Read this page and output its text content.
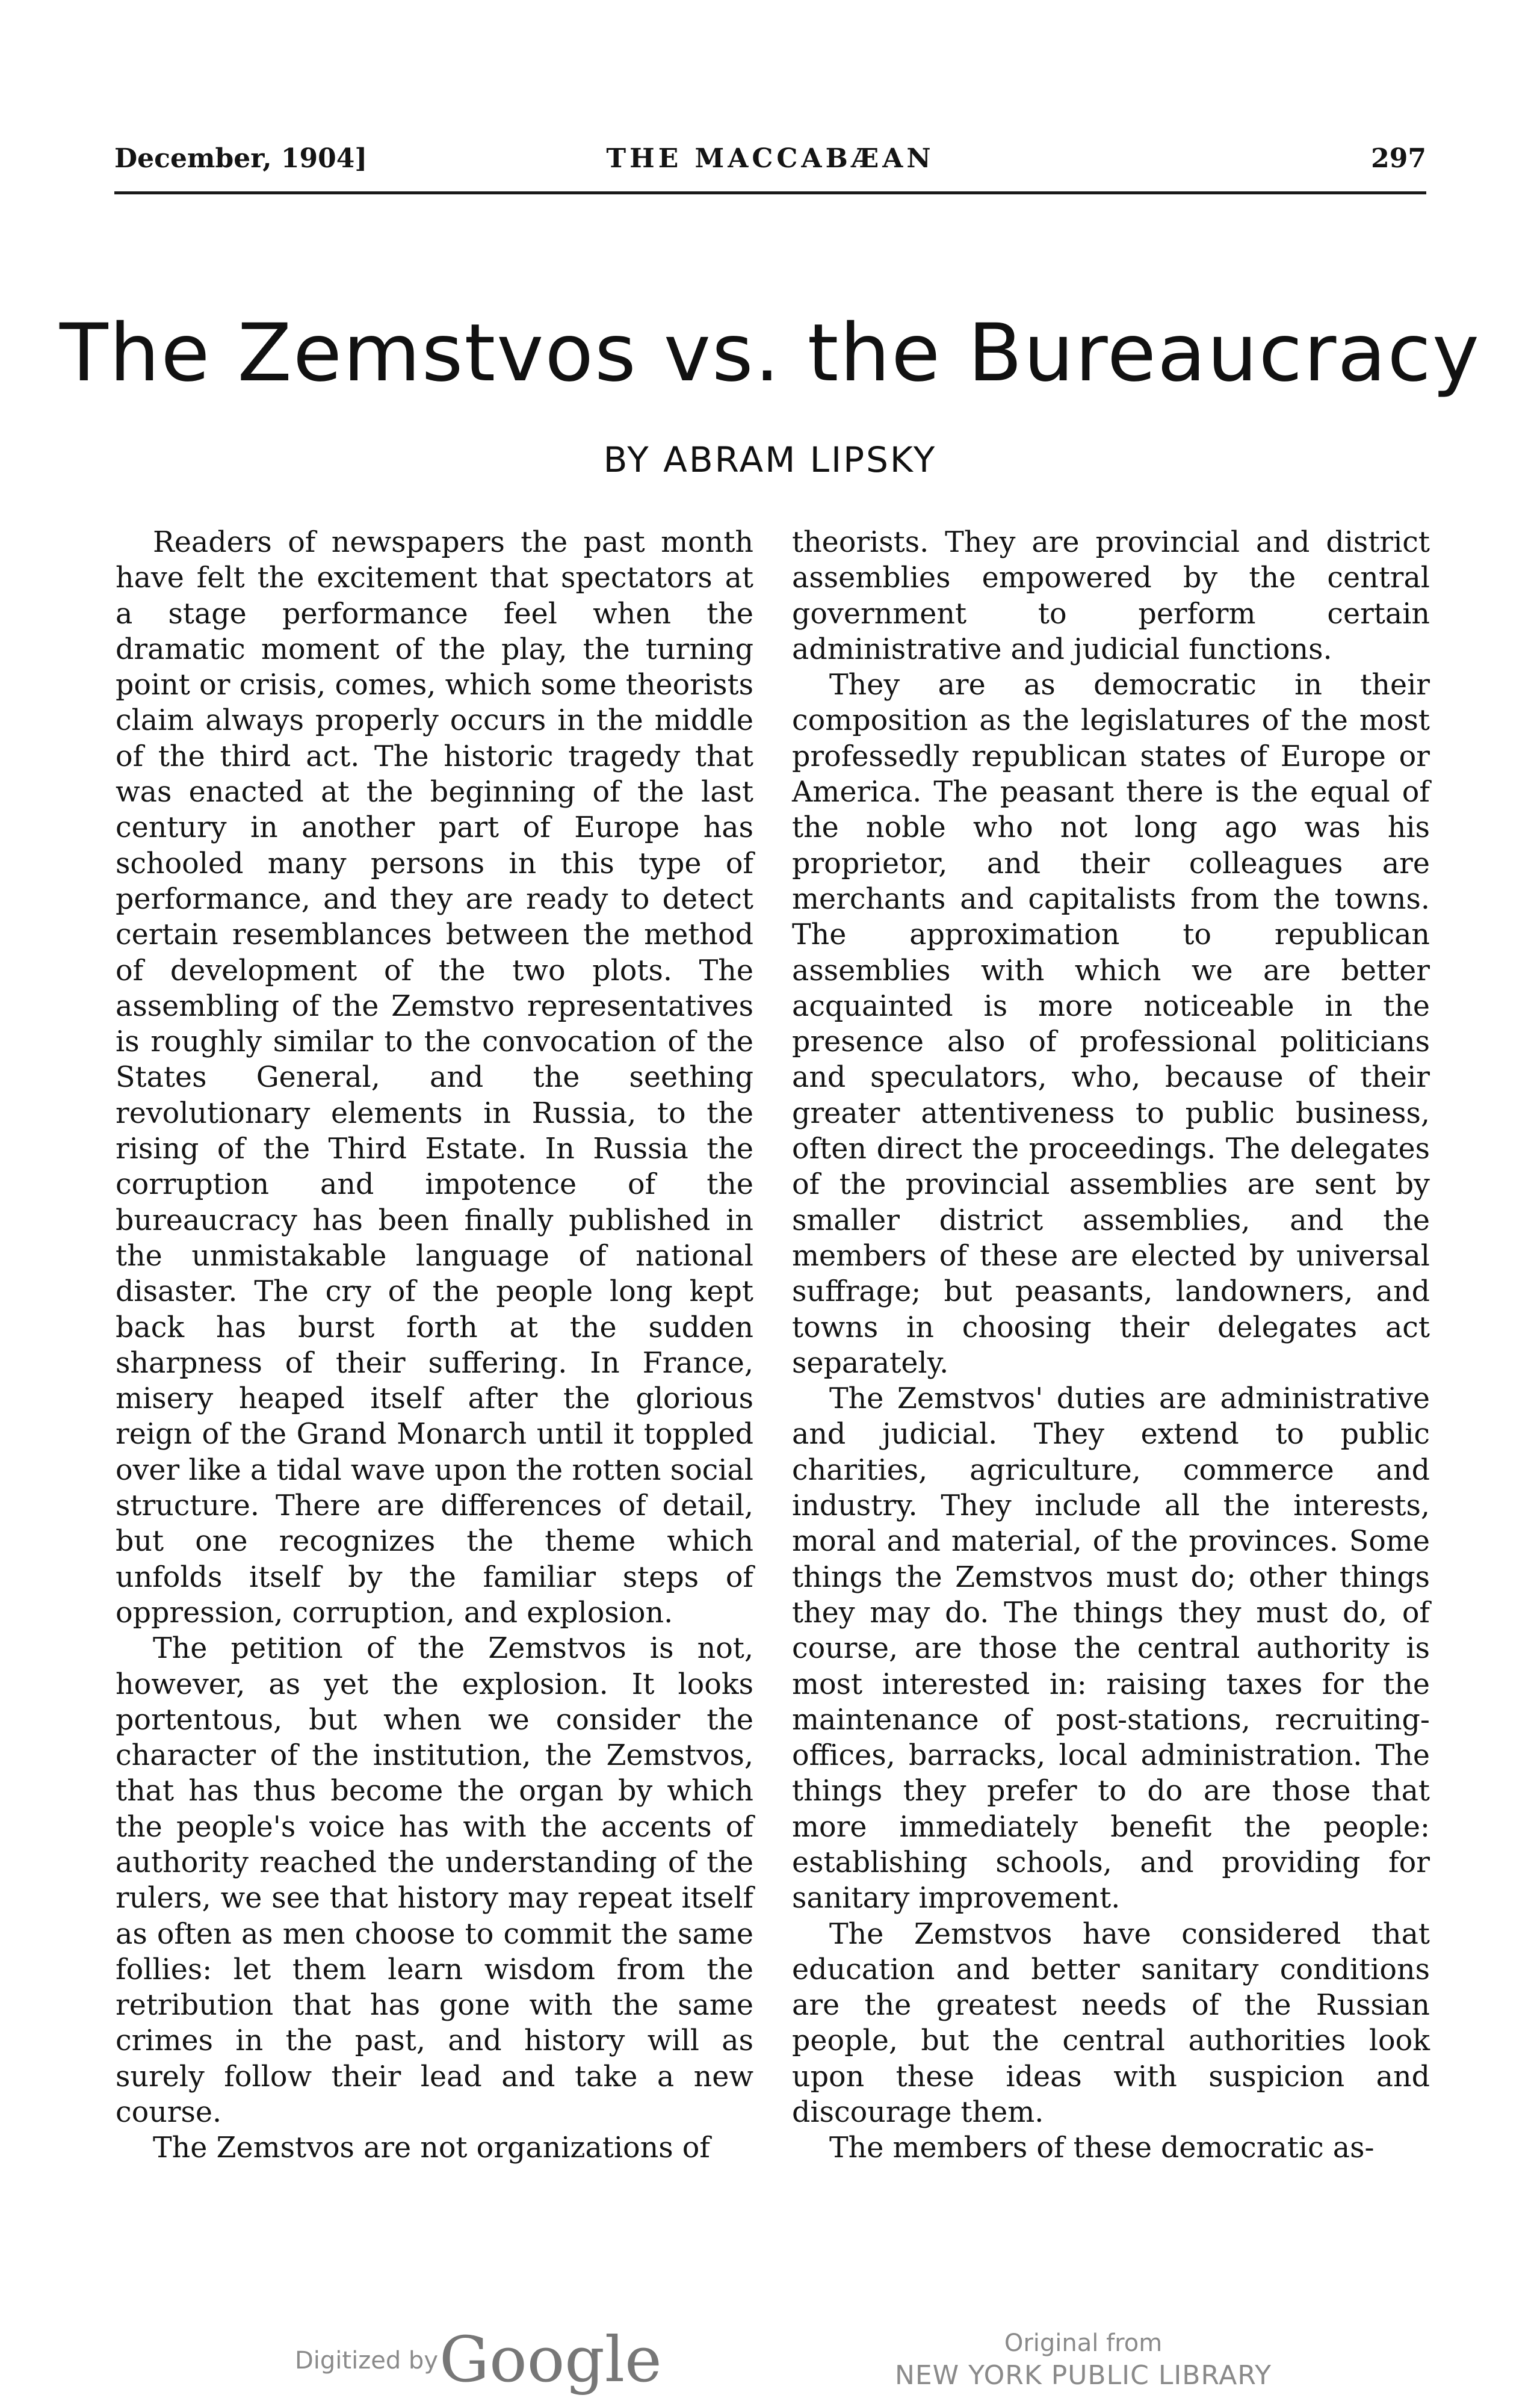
December, 1904]	THE MACCABÆAN	297
The Zemstvos vs. the Bureaucracy
BY ABRAM LIPSKY

Readers of newspapers the past month have felt the excitement that spectators at a stage performance feel when the dramatic moment of the play, the turning point or crisis, comes, which some theorists claim always properly occurs in the middle of the third act. The historic tragedy that was enacted at the beginning of the last century in another part of Europe has schooled many persons in this type of performance, and they are ready to detect certain resemblances between the method of development of the two plots. The assembling of the Zemstvo representatives is roughly similar to the convocation of the States General, and the seething revolutionary elements in Russia, to the rising of the Third Estate. In Russia the corruption and impotence of the bureaucracy has been finally published in the unmistakable language of national disaster. The cry of the people long kept back has burst forth at the sudden sharpness of their suffering. In France, misery heaped itself after the glorious reign of the Grand Monarch until it toppled over like a tidal wave upon the rotten social structure. There are differences of detail, but one recognizes the theme which unfolds itself by the familiar steps of oppression, corruption, and explosion.

The petition of the Zemstvos is not, however, as yet the explosion. It looks portentous, but when we consider the character of the institution, the Zemstvos, that has thus become the organ by which the people's voice has with the accents of authority reached the understanding of the rulers, we see that history may repeat itself as often as men choose to commit the same follies: let them learn wisdom from the retribution that has gone with the same crimes in the past, and history will as surely follow their lead and take a new course.

The Zemstvos are not organizations of

theorists. They are provincial and district assemblies empowered by the central government to perform certain administrative and judicial functions.

They are as democratic in their composition as the legislatures of the most professedly republican states of Europe or America. The peasant there is the equal of the noble who not long ago was his proprietor, and their colleagues are merchants and capitalists from the towns. The approximation to republican assemblies with which we are better acquainted is more noticeable in the presence also of professional politicians and speculators, who, because of their greater attentiveness to public business, often direct the proceedings. The delegates of the provincial assemblies are sent by smaller district assemblies, and the members of these are elected by universal suffrage; but peasants, landowners, and towns in choosing their delegates act separately.

The Zemstvos' duties are administrative and judicial. They extend to public charities, agriculture, commerce and industry. They include all the interests, moral and material, of the provinces. Some things the Zemstvos must do; other things they may do. The things they must do, of course, are those the central authority is most interested in: raising taxes for the maintenance of post-stations, recruiting-offices, barracks, local administration. The things they prefer to do are those that more immediately benefit the people: establishing schools, and providing for sanitary improvement.

The Zemstvos have considered that education and better sanitary conditions are the greatest needs of the Russian people, but the central authorities look upon these ideas with suspicion and discourage them.

The members of these democratic as-

Digitized by Google	Original from
NEW YORK PUBLIC LIBRARY
